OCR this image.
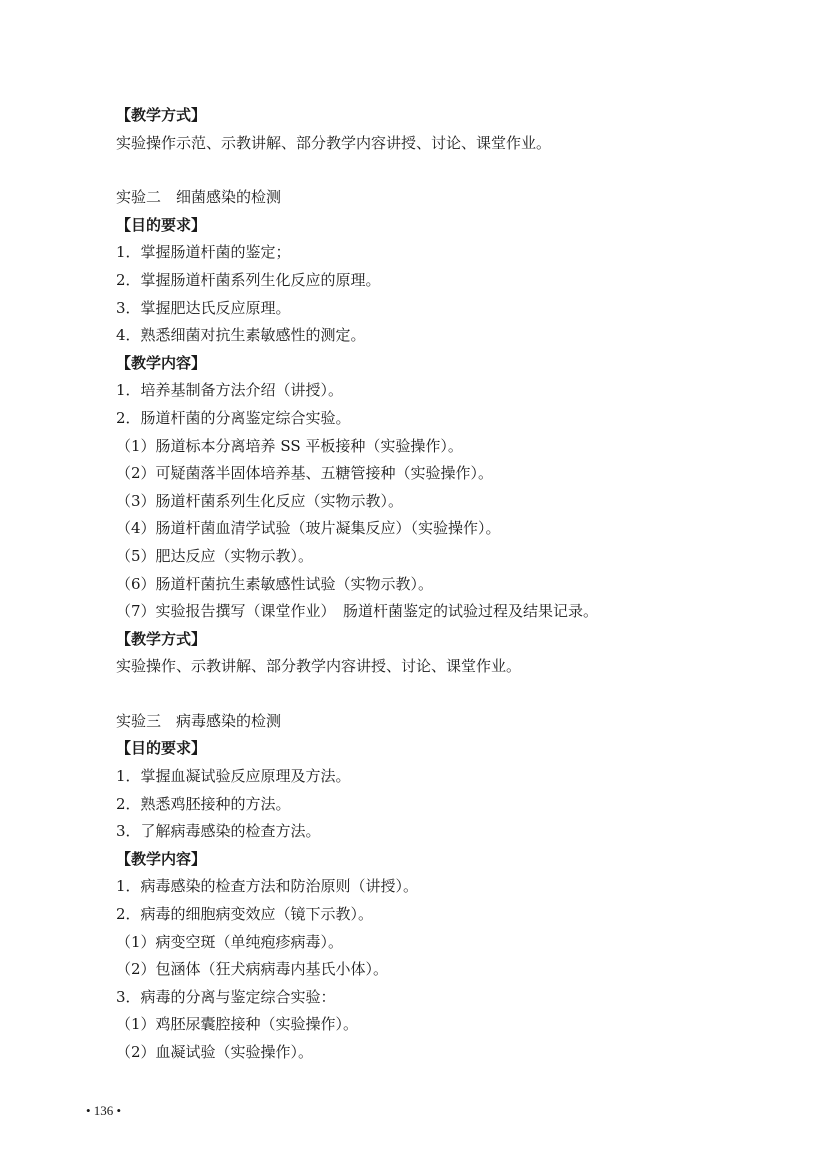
【教学方式】
实验操作示范、示教讲解、部分教学内容讲授、讨论、课堂作业。
实验二　细菌感染的检测
【目的要求】
1．掌握肠道杆菌的鉴定；
2．掌握肠道杆菌系列生化反应的原理。
3．掌握肥达氏反应原理。
4．熟悉细菌对抗生素敏感性的测定。
【教学内容】
1．培养基制备方法介绍（讲授）。
2．肠道杆菌的分离鉴定综合实验。
（1）肠道标本分离培养 SS 平板接种（实验操作）。
（2）可疑菌落半固体培养基、五糖管接种（实验操作）。
（3）肠道杆菌系列生化反应（实物示教）。
（4）肠道杆菌血清学试验（玻片凝集反应）（实验操作）。
（5）肥达反应（实物示教）。
（6）肠道杆菌抗生素敏感性试验（实物示教）。
（7）实验报告撰写（课堂作业）　肠道杆菌鉴定的试验过程及结果记录。
【教学方式】
实验操作、示教讲解、部分教学内容讲授、讨论、课堂作业。
实验三　病毒感染的检测
【目的要求】
1．掌握血凝试验反应原理及方法。
2．熟悉鸡胚接种的方法。
3．了解病毒感染的检查方法。
【教学内容】
1．病毒感染的检查方法和防治原则（讲授）。
2．病毒的细胞病变效应（镜下示教）。
（1）病变空斑（单纯疱疹病毒）。
（2）包涵体（狂犬病病毒内基氏小体）。
3．病毒的分离与鉴定综合实验：
（1）鸡胚尿囊腔接种（实验操作）。
（2）血凝试验（实验操作）。
• 136 •
